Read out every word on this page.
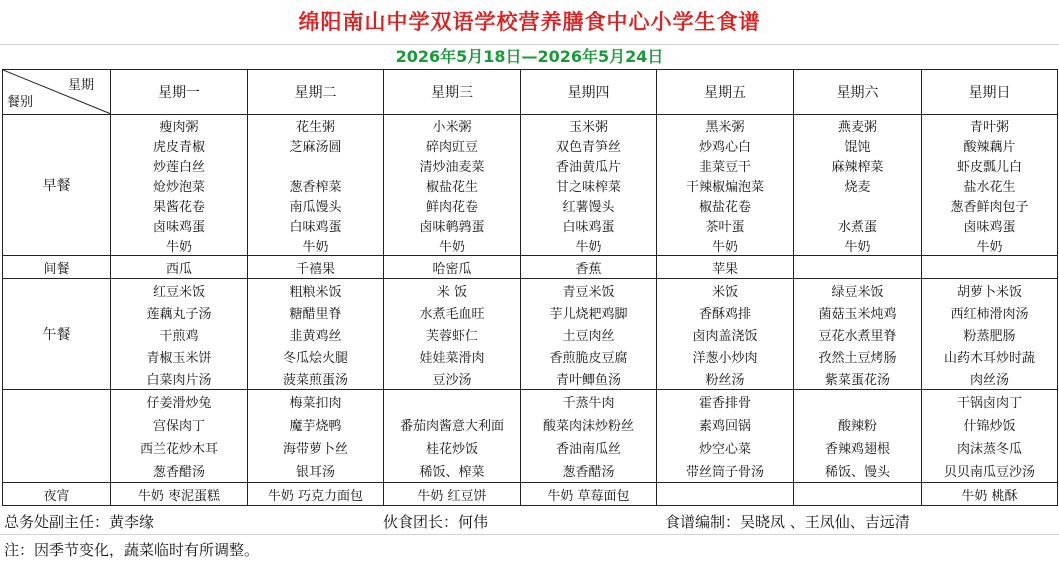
绵阳南山中学双语学校营养膳食中心小学生食谱
2026年5月18日—2026年5月24日
星期
餐别	星期一	星期二	星期三	星期四	星期五	星期六	星期日
早餐	瘦肉粥	花生粥	小米粥	玉米粥	黑米粥	燕麦粥	青叶粥
	虎皮青椒	芝麻汤圆	碎肉豇豆	双色青笋丝	炒鸡心白	馄饨	酸辣藕片
	炒莲白丝		清炒油麦菜	香油黄瓜片	韭菜豆干	麻辣榨菜	虾皮瓢儿白
	炝炒泡菜	葱香榨菜	椒盐花生	甘之味榨菜	干辣椒煸泡菜	烧麦	盐水花生
	果酱花卷	南瓜馒头	鲜肉花卷	红薯馒头	椒盐花卷		葱香鲜肉包子
	卤味鸡蛋	白味鸡蛋	卤味鹌鹑蛋	白味鸡蛋	茶叶蛋	水煮蛋	卤味鸡蛋
	牛奶	牛奶	牛奶	牛奶	牛奶	牛奶	牛奶
间餐	西瓜	千禧果	哈密瓜	香蕉	苹果		
午餐	红豆米饭	粗粮米饭	米 饭	青豆米饭	米饭	绿豆米饭	胡萝卜米饭
	莲藕丸子汤	糖醋里脊	水煮毛血旺	芋儿烧耙鸡脚	香酥鸡排	菌菇玉米炖鸡	西红柿滑肉汤
	干煎鸡	韭黄鸡丝	芙蓉虾仁	土豆肉丝	卤肉盖浇饭	豆花水煮里脊	粉蒸肥肠
	青椒玉米饼	冬瓜烩火腿	娃娃菜滑肉	香煎脆皮豆腐	洋葱小炒肉	孜然土豆烤肠	山药木耳炒时蔬
	白菜肉片汤	菠菜煎蛋汤	豆沙汤	青叶鲫鱼汤	粉丝汤	紫菜蛋花汤	肉丝汤
	仔姜滑炒兔	梅菜扣肉		千蒸牛肉	霍香排骨		干锅卤肉丁
	宫保肉丁	魔芋烧鸭	番茄肉酱意大利面	酸菜肉沫炒粉丝	素鸡回锅	酸辣粉	什锦炒饭
	西兰花炒木耳	海带萝卜丝	桂花炒饭	香油南瓜丝	炒空心菜	香辣鸡翅根	肉沫蒸冬瓜
	葱香醋汤	银耳汤	稀饭、榨菜	葱香醋汤	带丝筒子骨汤	稀饭、馒头	贝贝南瓜豆沙汤
夜宵	牛奶 枣泥蛋糕	牛奶 巧克力面包	牛奶 红豆饼	牛奶 草莓面包			牛奶 桃酥
总务处副主任：黄李缘	伙食团长：何伟	食谱编制：吴晓凤 、王凤仙、吉远清
注：因季节变化，蔬菜临时有所调整。
